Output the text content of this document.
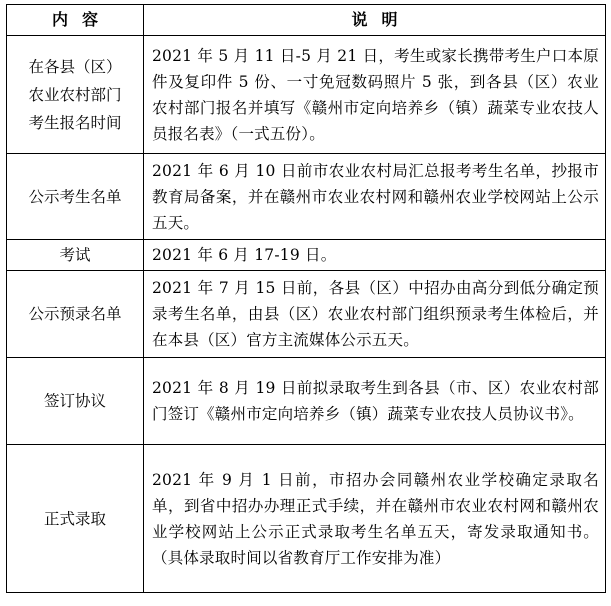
内容	说明
在各县（区）农业农村部门考生报名时间	2021 年 5 月 11 日-5 月 21 日，考生或家长携带考生户口本原件及复印件 5 份、一寸免冠数码照片 5 张，到各县（区）农业农村部门报名并填写《赣州市定向培养乡（镇）蔬菜专业农技人员报名表》（一式五份）。
公示考生名单	2021 年 6 月 10 日前市农业农村局汇总报考考生名单，抄报市教育局备案，并在赣州市农业农村网和赣州农业学校网站上公示五天。
考试	2021 年 6 月 17-19 日。
公示预录名单	2021 年 7 月 15 日前，各县（区）中招办由高分到低分确定预录考生名单，由县（区）农业农村部门组织预录考生体检后，并在本县（区）官方主流媒体公示五天。
签订协议	2021 年 8 月 19 日前拟录取考生到各县（市、区）农业农村部门签订《赣州市定向培养乡（镇）蔬菜专业农技人员协议书》。
正式录取	2021 年 9 月 1 日前，市招办会同赣州农业学校确定录取名单，到省中招办办理正式手续，并在赣州市农业农村网和赣州农业学校网站上公示正式录取考生名单五天，寄发录取通知书。（具体录取时间以省教育厅工作安排为准）
